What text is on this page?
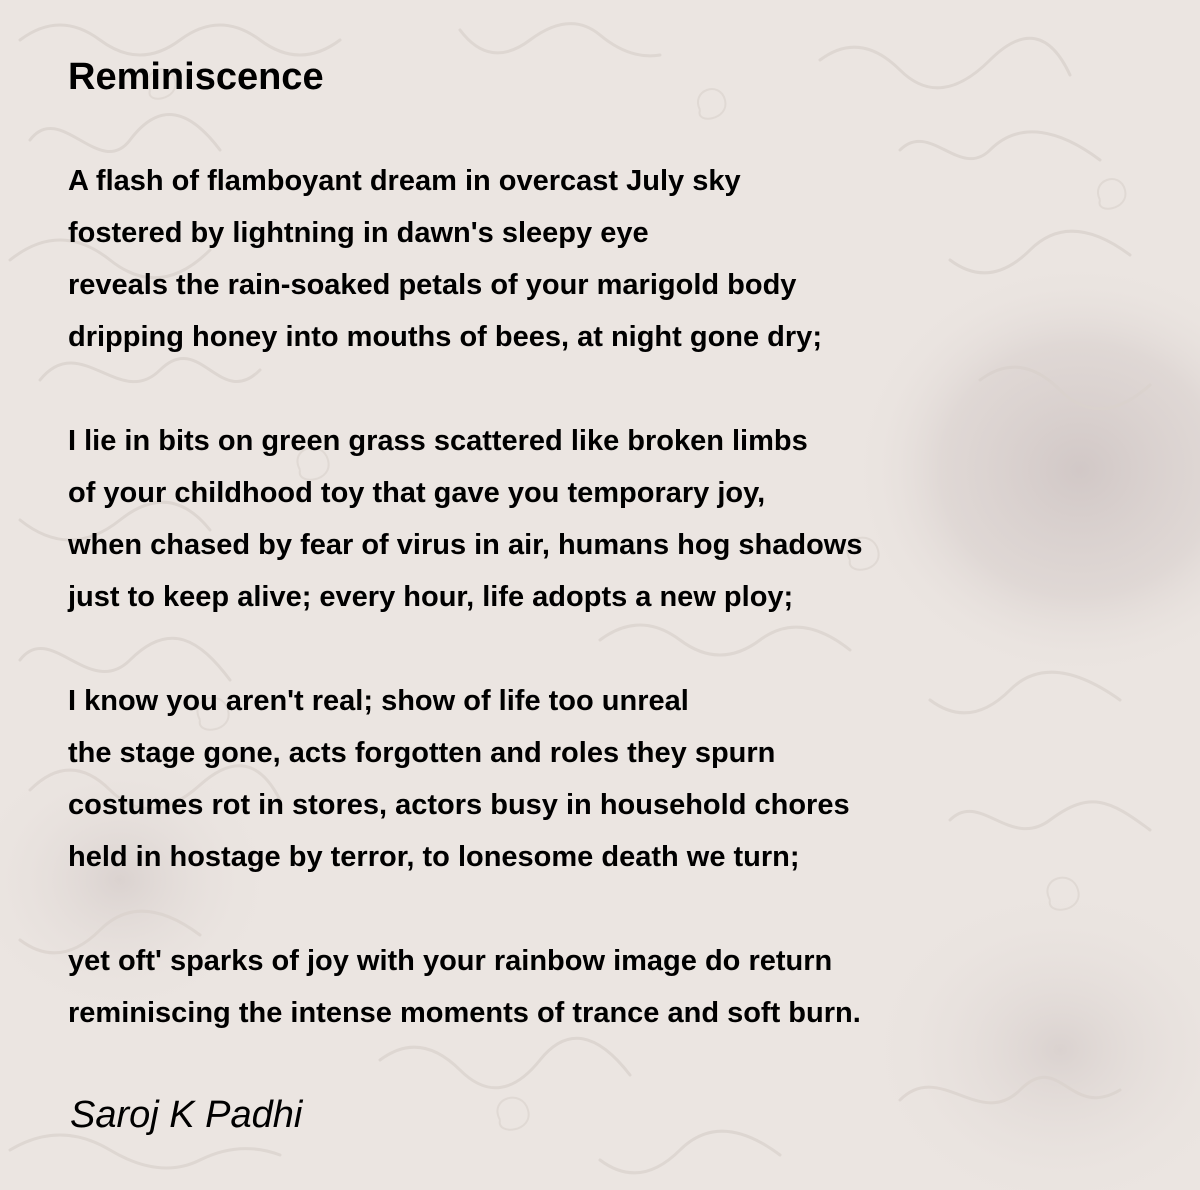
Reminiscence
A flash of flamboyant dream in overcast July sky
fostered by lightning in dawn's sleepy eye
reveals the rain-soaked petals of your marigold body
dripping honey into mouths of bees, at night gone dry;
I lie in bits on green grass scattered like broken limbs
of your childhood toy that gave you temporary joy,
when chased by fear of virus in air, humans hog shadows
just to keep alive; every hour, life adopts a new ploy;
I know you aren't real; show of life too unreal
the stage gone, acts forgotten and roles they spurn
costumes rot in stores, actors busy in household chores
held in hostage by terror, to lonesome death we turn;
yet oft' sparks of joy with your rainbow image do return
reminiscing the intense moments of trance and soft burn.
Saroj K Padhi
